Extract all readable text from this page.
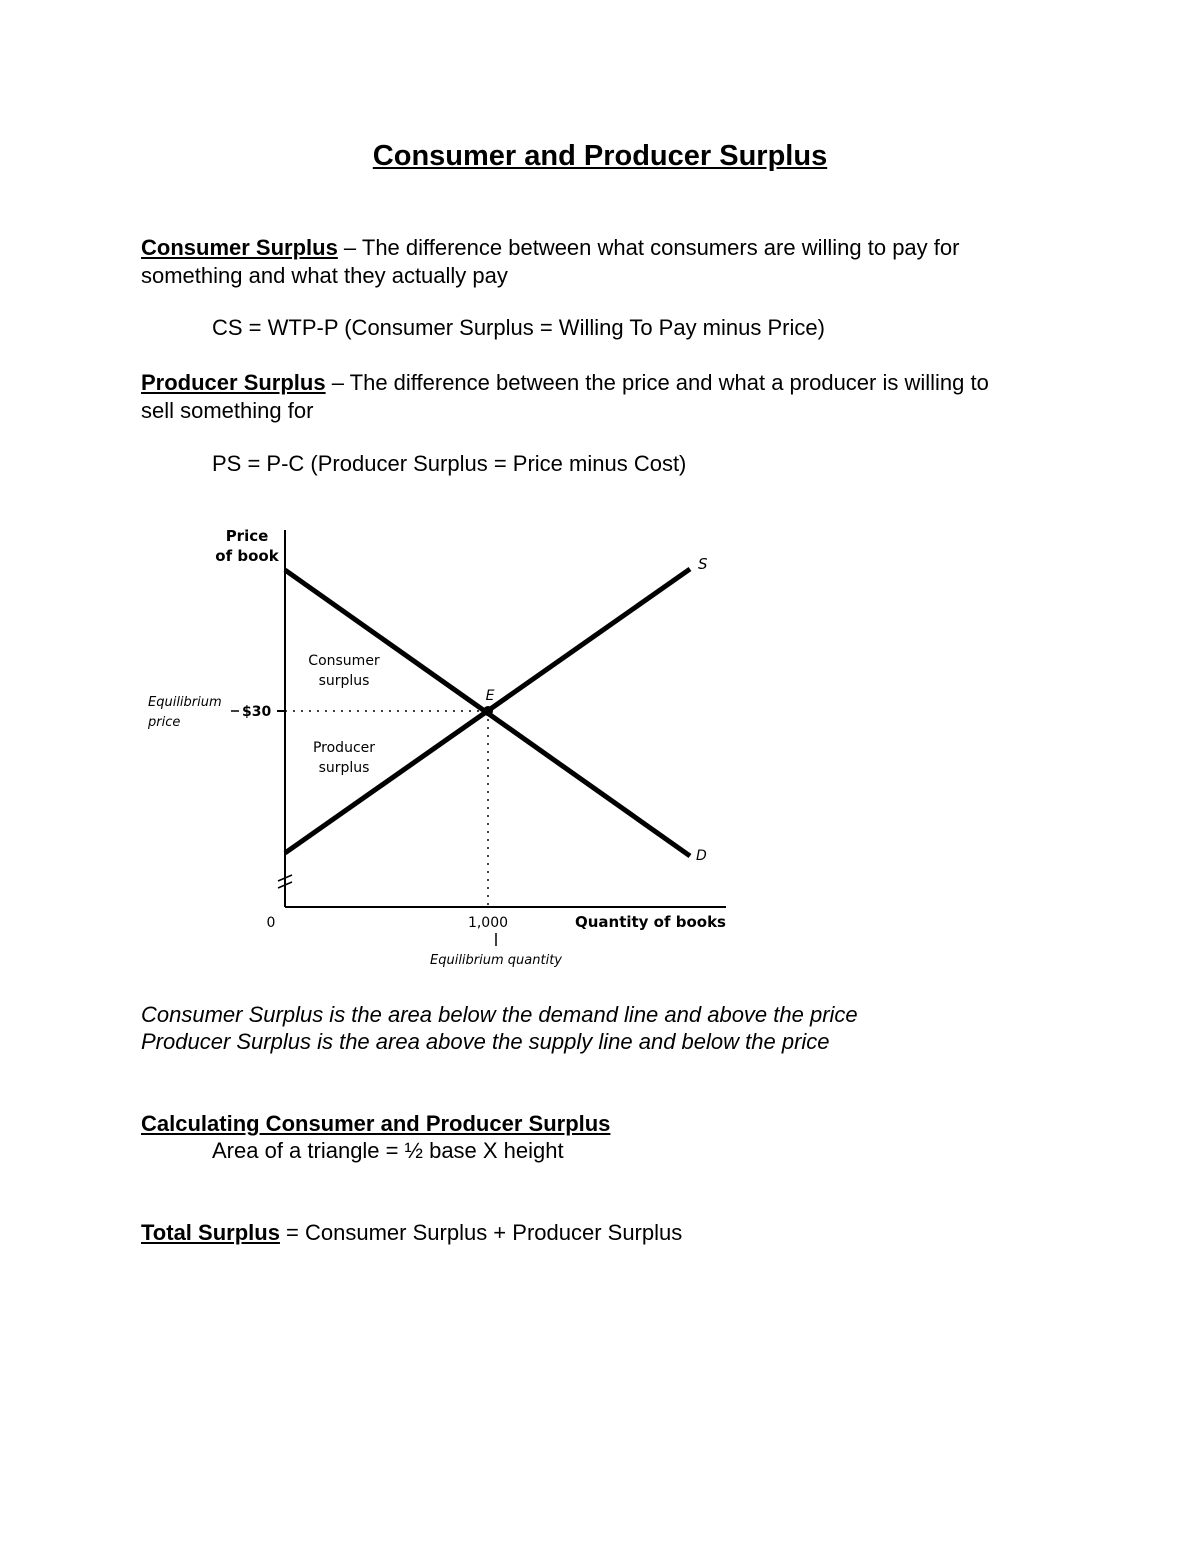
Consumer and Producer Surplus
Consumer Surplus – The difference between what consumers are willing to pay for
something and what they actually pay
CS = WTP-P (Consumer Surplus = Willing To Pay minus Price)
Producer Surplus – The difference between the price and what a producer is willing to
sell something for
PS = P-C (Producer Surplus = Price minus Cost)
Price
of book
Quantity of books
0	1,000
Equilibrium quantity
$30
Equilibrium
price
E
S
D
Consumer
surplus
Producer
surplus
Consumer Surplus is the area below the demand line and above the price
Producer Surplus is the area above the supply line and below the price
Calculating Consumer and Producer Surplus
Area of a triangle = ½ base X height
Total Surplus = Consumer Surplus + Producer Surplus
